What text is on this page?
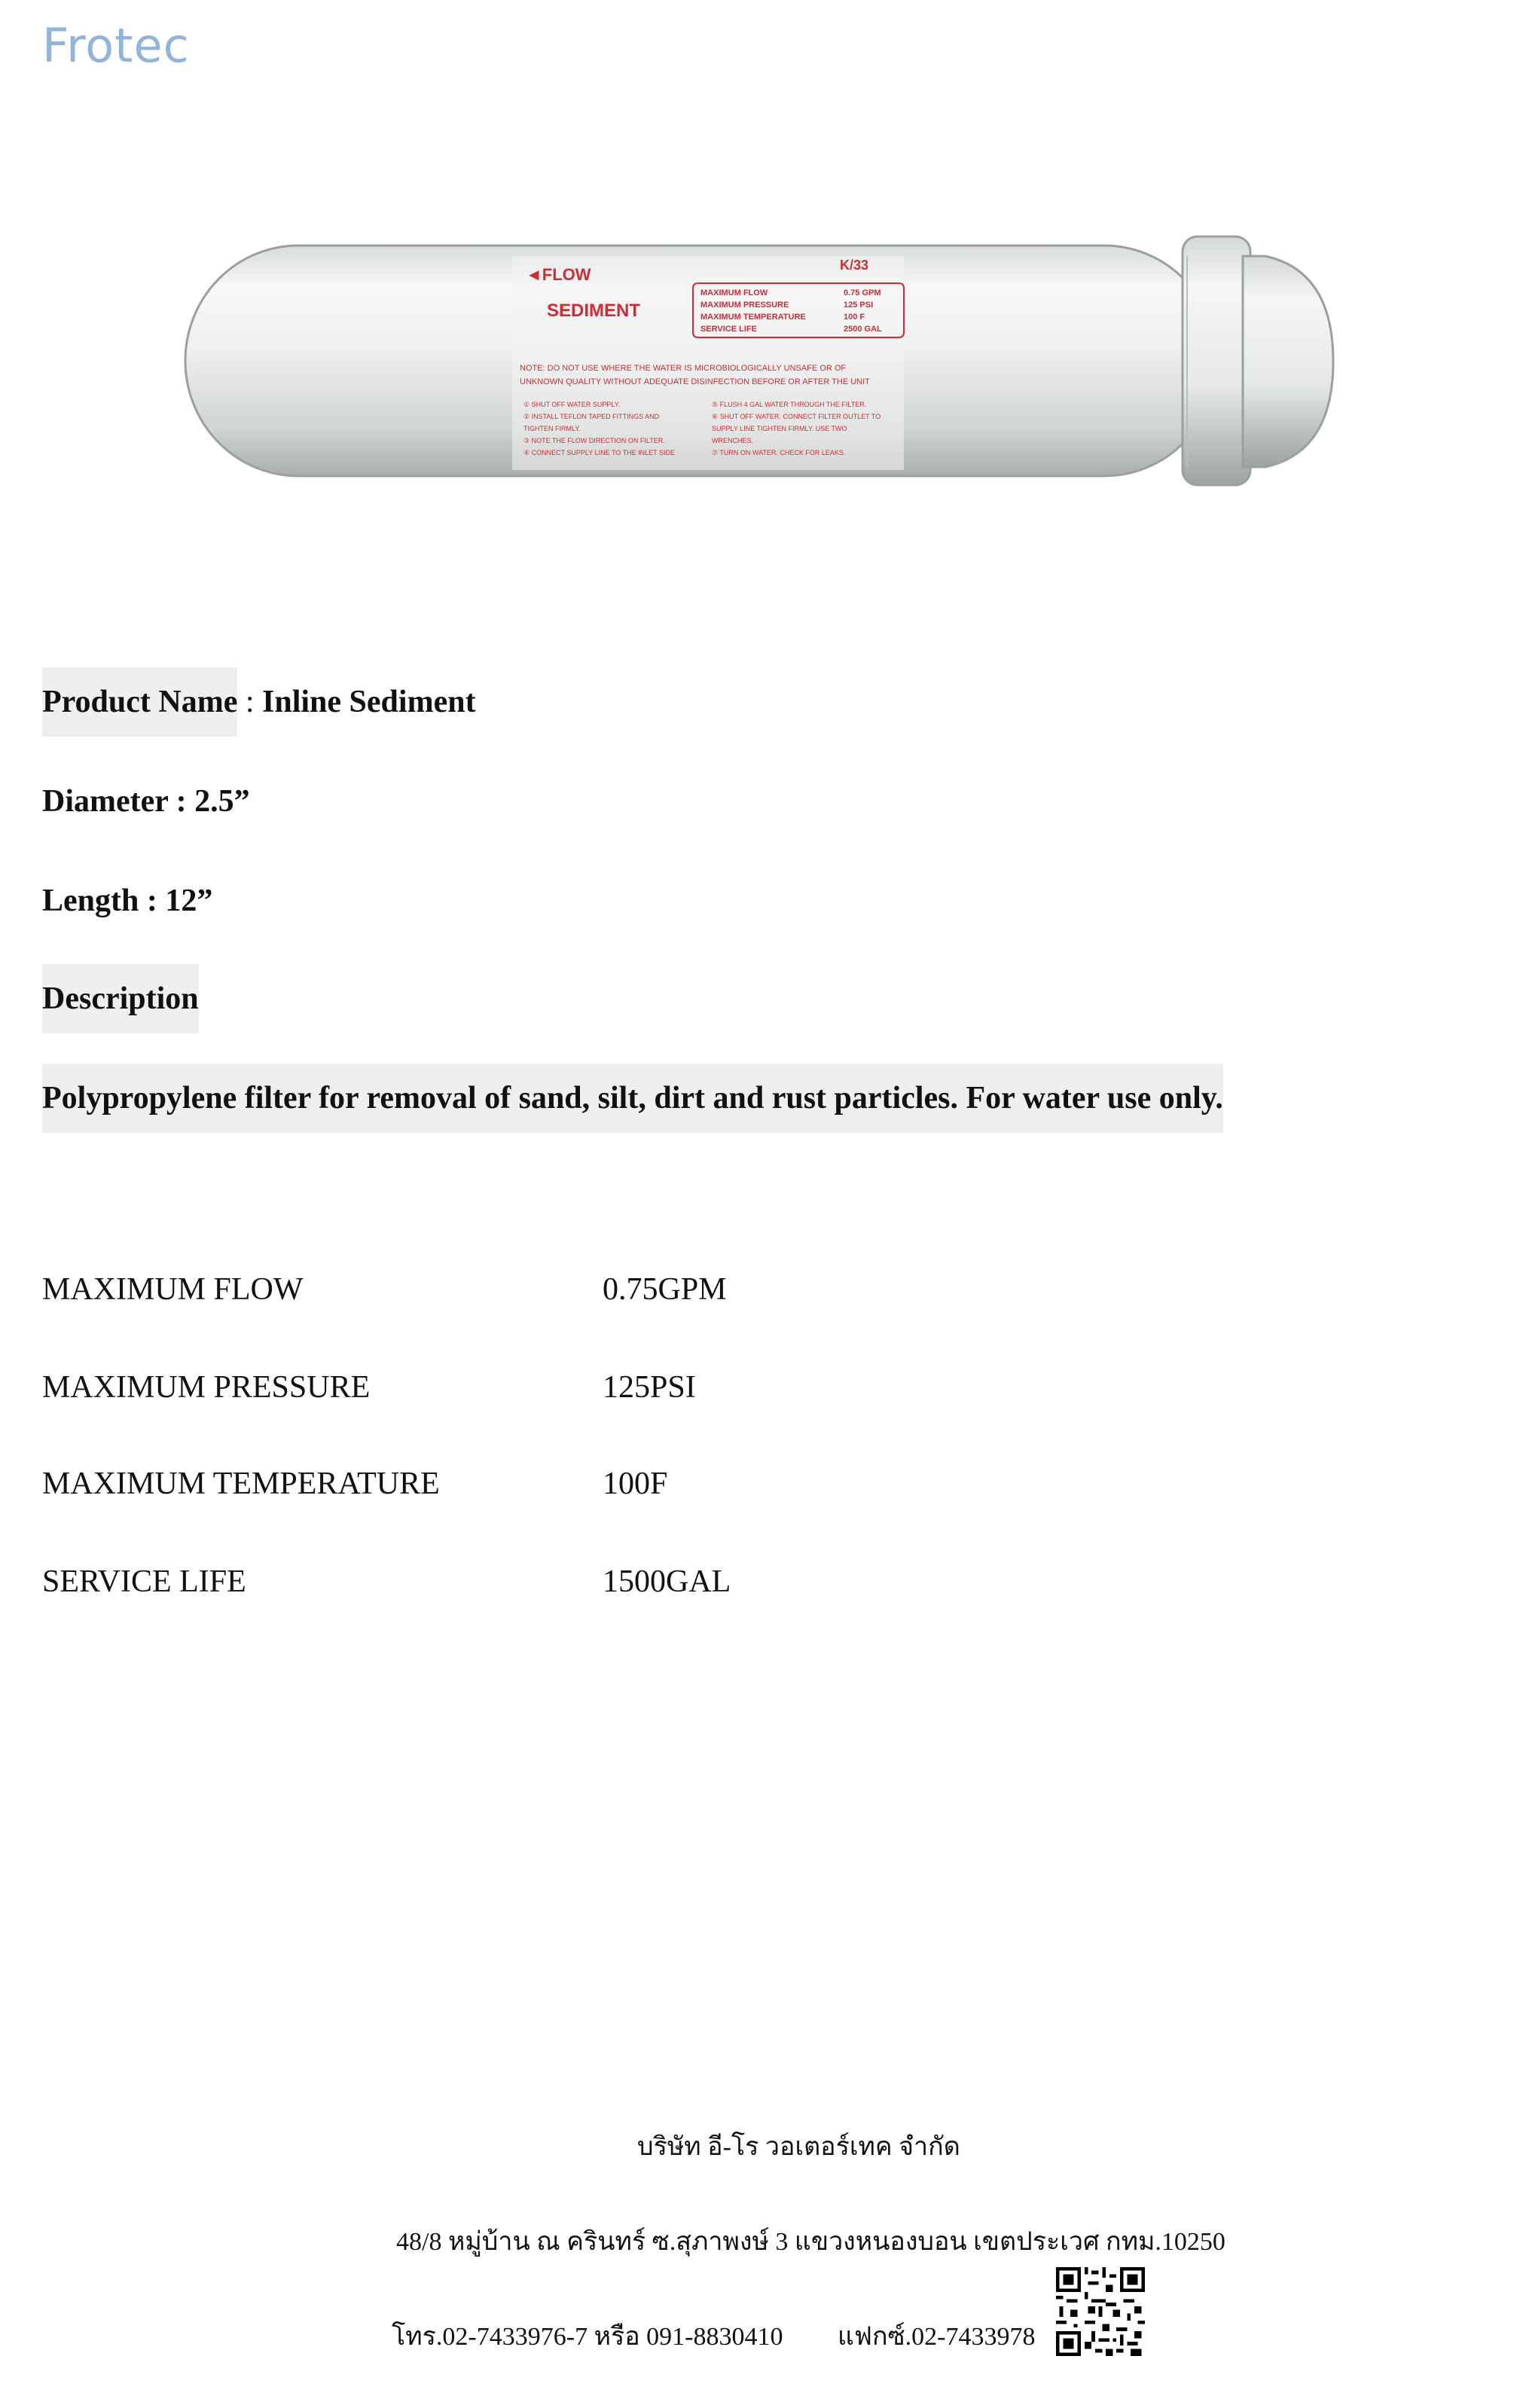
Frotec
◄FLOW	K/33
SEDIMENT
MAXIMUM FLOW	0.75 GPM
MAXIMUM PRESSURE	125 PSI
MAXIMUM TEMPERATURE	100 F
SERVICE LIFE	2500 GAL
NOTE: DO NOT USE WHERE THE WATER IS MICROBIOLOGICALLY UNSAFE OR OF
UNKNOWN QUALITY WITHOUT ADEQUATE DISINFECTION BEFORE OR AFTER THE UNIT
① SHUT OFF WATER SUPPLY.
② INSTALL TEFLON TAPED FITTINGS AND
TIGHTEN FIRMLY.
③ NOTE THE FLOW DIRECTION ON FILTER.
④ CONNECT SUPPLY LINE TO THE INLET SIDE
⑤ FLUSH 4 GAL WATER THROUGH THE FILTER.
⑥ SHUT OFF WATER. CONNECT FILTER OUTLET TO
SUPPLY LINE TIGHTEN FIRMLY. USE TWO
WRENCHES.
⑦ TURN ON WATER. CHECK FOR LEAKS.
Product Name : Inline Sediment
Diameter : 2.5”
Length : 12”
Description
Polypropylene filter for removal of sand, silt, dirt and rust particles. For water use only.
MAXIMUM FLOW	0.75GPM
MAXIMUM PRESSURE	125PSI
MAXIMUM TEMPERATURE	100F
SERVICE LIFE	1500GAL
บริษัท อี-โร วอเตอร์เทค จำกัด
48/8 หมู่บ้าน ณ ครินทร์ ซ.สุภาพงษ์ 3 แขวงหนองบอน เขตประเวศ กทม.10250
โทร.02-7433976-7 หรือ 091-8830410 แฟกซ์.02-7433978
